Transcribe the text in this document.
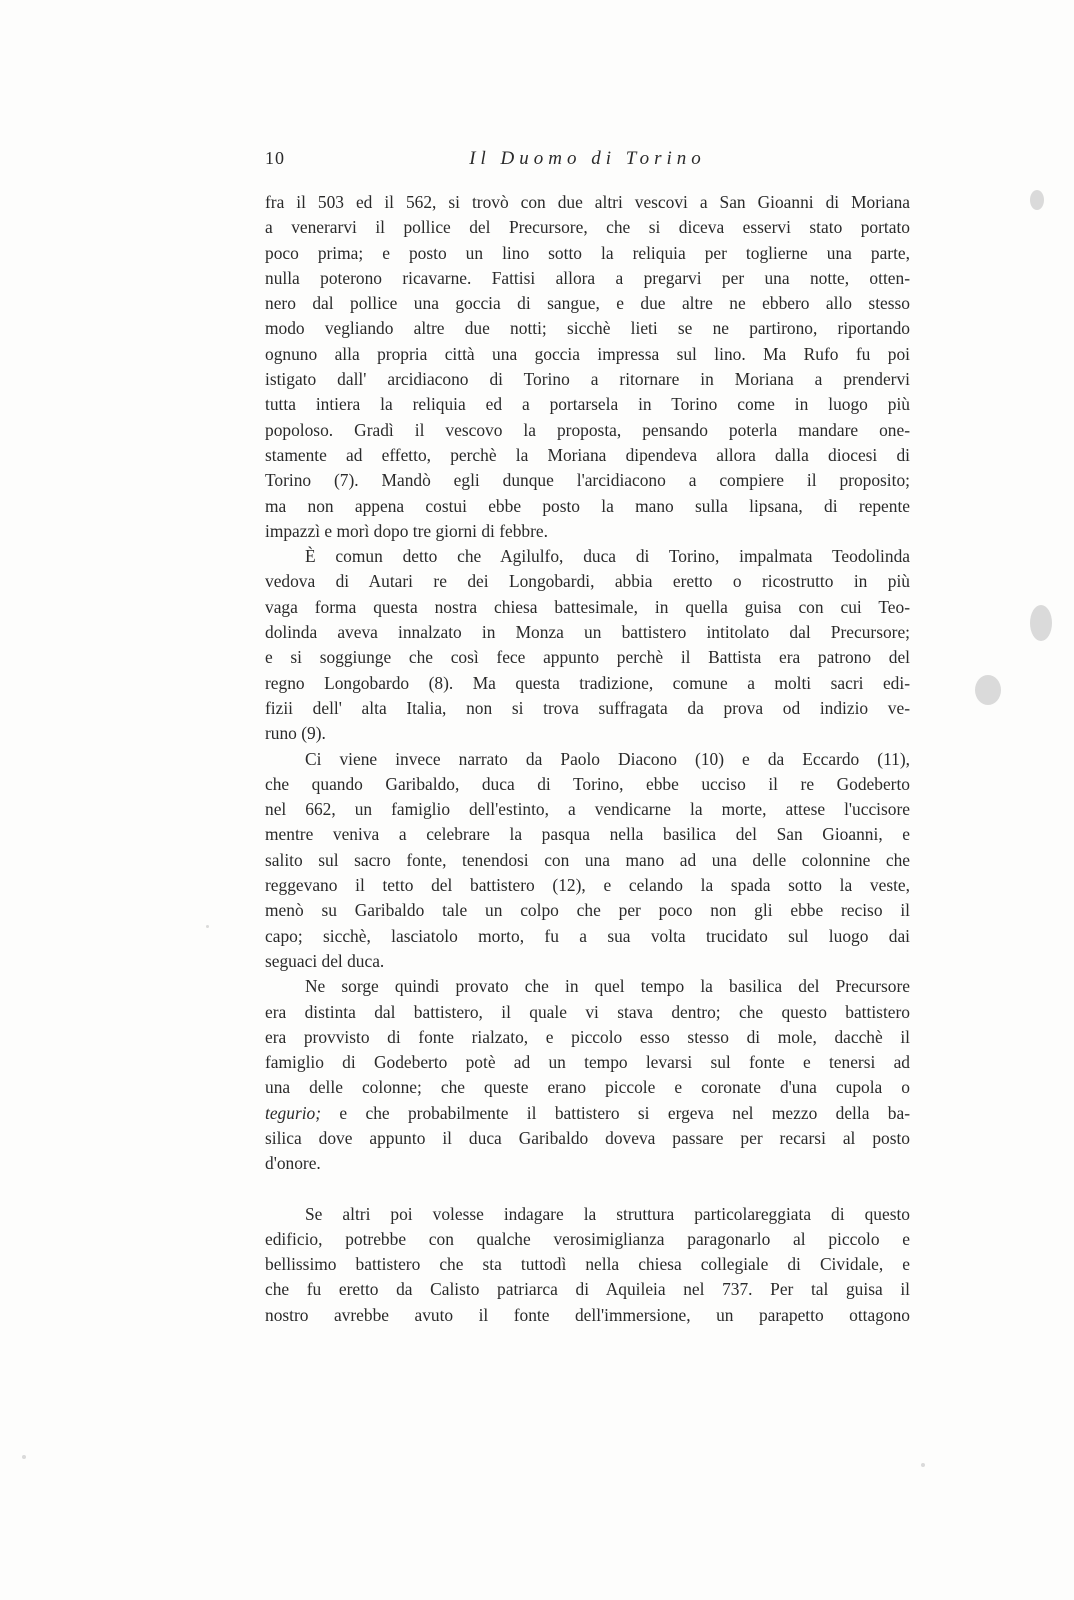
10	Il Duomo di Torino
fra il 503 ed il 562, si trovò con due altri vescovi a San Gioanni di Moriana
a venerarvi il pollice del Precursore, che si diceva esservi stato portato
poco prima; e posto un lino sotto la reliquia per toglierne una parte,
nulla poterono ricavarne. Fattisi allora a pregarvi per una notte, otten-
nero dal pollice una goccia di sangue, e due altre ne ebbero allo stesso
modo vegliando altre due notti; sicchè lieti se ne partirono, riportando
ognuno alla propria città una goccia impressa sul lino. Ma Rufo fu poi
istigato dall' arcidiacono di Torino a ritornare in Moriana a prendervi
tutta intiera la reliquia ed a portarsela in Torino come in luogo più
popoloso. Gradì il vescovo la proposta, pensando poterla mandare one-
stamente ad effetto, perchè la Moriana dipendeva allora dalla diocesi di
Torino (7). Mandò egli dunque l'arcidiacono a compiere il proposito;
ma non appena costui ebbe posto la mano sulla lipsana, di repente
impazzì e morì dopo tre giorni di febbre.
È comun detto che Agilulfo, duca di Torino, impalmata Teodolinda
vedova di Autari re dei Longobardi, abbia eretto o ricostrutto in più
vaga forma questa nostra chiesa battesimale, in quella guisa con cui Teo-
dolinda aveva innalzato in Monza un battistero intitolato dal Precursore;
e si soggiunge che così fece appunto perchè il Battista era patrono del
regno Longobardo (8). Ma questa tradizione, comune a molti sacri edi-
fizii dell' alta Italia, non si trova suffragata da prova od indizio ve-
runo (9).
Ci viene invece narrato da Paolo Diacono (10) e da Eccardo (11),
che quando Garibaldo, duca di Torino, ebbe ucciso il re Godeberto
nel 662, un famiglio dell'estinto, a vendicarne la morte, attese l'uccisore
mentre veniva a celebrare la pasqua nella basilica del San Gioanni, e
salito sul sacro fonte, tenendosi con una mano ad una delle colonnine che
reggevano il tetto del battistero (12), e celando la spada sotto la veste,
menò su Garibaldo tale un colpo che per poco non gli ebbe reciso il
capo; sicchè, lasciatolo morto, fu a sua volta trucidato sul luogo dai
seguaci del duca.
Ne sorge quindi provato che in quel tempo la basilica del Precursore
era distinta dal battistero, il quale vi stava dentro; che questo battistero
era provvisto di fonte rialzato, e piccolo esso stesso di mole, dacchè il
famiglio di Godeberto potè ad un tempo levarsi sul fonte e tenersi ad
una delle colonne; che queste erano piccole e coronate d'una cupola o
tegurio; e che probabilmente il battistero si ergeva nel mezzo della ba-
silica dove appunto il duca Garibaldo doveva passare per recarsi al posto
d'onore.
Se altri poi volesse indagare la struttura particolareggiata di questo
edificio, potrebbe con qualche verosimiglianza paragonarlo al piccolo e
bellissimo battistero che sta tuttodì nella chiesa collegiale di Cividale, e
che fu eretto da Calisto patriarca di Aquileia nel 737. Per tal guisa il
nostro avrebbe avuto il fonte dell'immersione, un parapetto ottagono
